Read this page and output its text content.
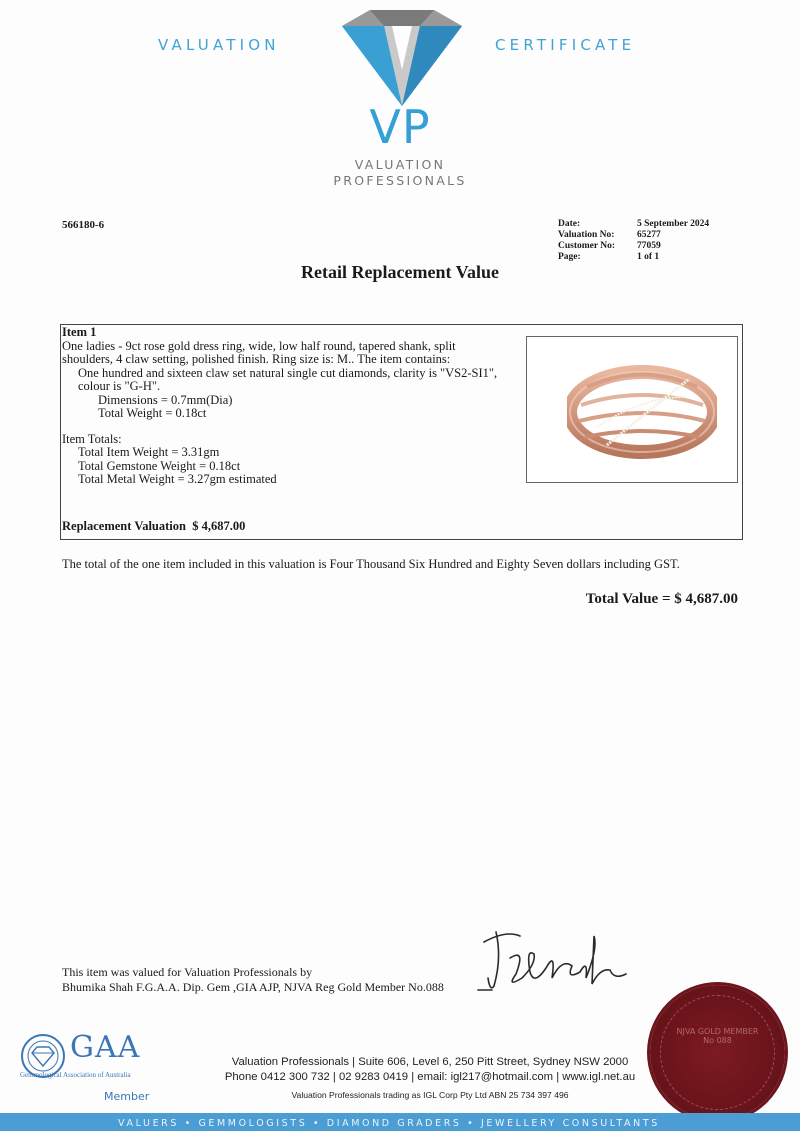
VALUATION	CERTIFICATE
VP
VALUATION
PROFESSIONALS
566180-6	Date:	5 September 2024
Valuation No:	65277
Customer No:	77059
Page:	1 of 1
Retail Replacement Value
Item 1
One ladies - 9ct rose gold dress ring, wide, low half round, tapered shank, split
shoulders, 4 claw setting, polished finish. Ring size is: M.. The item contains:
One hundred and sixteen claw set natural single cut diamonds, clarity is "VS2-SI1",
colour is "G-H".
Dimensions = 0.7mm(Dia)
Total Weight = 0.18ct
Item Totals:
Total Item Weight = 3.31gm
Total Gemstone Weight = 0.18ct
Total Metal Weight = 3.27gm estimated
Replacement Valuation $ 4,687.00
The total of the one item included in this valuation is Four Thousand Six Hundred and Eighty Seven dollars including GST.
Total Value = $ 4,687.00
This item was valued for Valuation Professionals by
Bhumika Shah F.G.A.A. Dip. Gem ,GIA AJP, NJVA Reg Gold Member No.088
NJVA GOLD MEMBER
No 088
GAA
Gemmological Association of Australia
Member
Valuation Professionals | Suite 606, Level 6, 250 Pitt Street, Sydney NSW 2000
Phone 0412 300 732 | 02 9283 0419 | email: igl217@hotmail.com | www.igl.net.au
Valuation Professionals trading as IGL Corp Pty Ltd ABN 25 734 397 496
VALUERS • GEMMOLOGISTS • DIAMOND GRADERS • JEWELLERY CONSULTANTS
